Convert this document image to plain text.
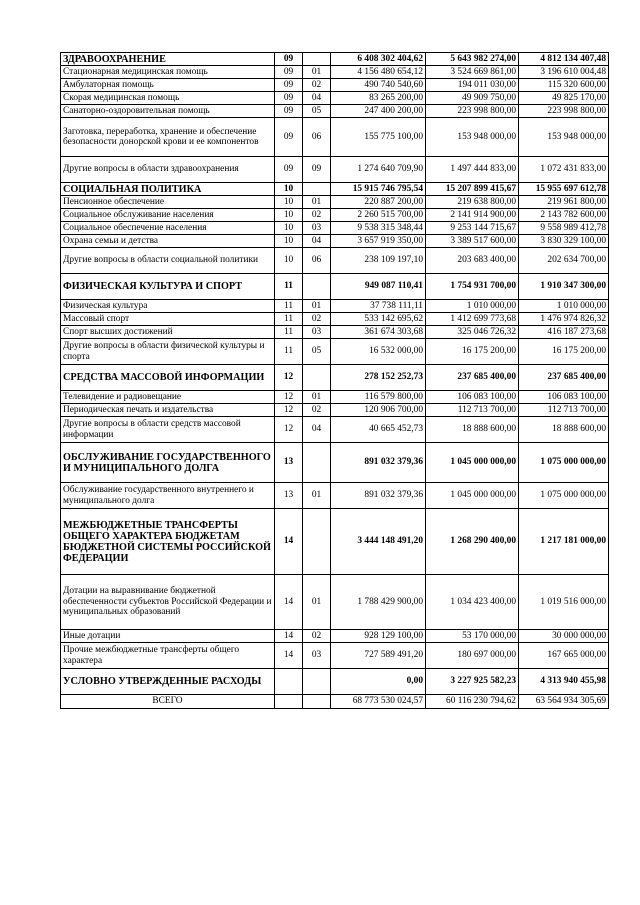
ЗДРАВООХРАНЕНИЕ	09		6 408 302 404,62	5 643 982 274,00	4 812 134 407,48
Стационарная медицинская помощь	09	01	4 156 480 654,12	3 524 669 861,00	3 196 610 004,48
Амбулаторная помощь	09	02	490 740 540,60	194 011 030,00	115 320 600,00
Скорая медицинская помощь	09	04	83 265 200,00	49 909 750,00	49 825 170,00
Санаторно-оздоровительная помощь	09	05	247 400 200,00	223 998 800,00	223 998 800,00
Заготовка, переработка, хранение и обеспечение безопасности донорской крови и ее компонентов	09	06	155 775 100,00	153 948 000,00	153 948 000,00
Другие вопросы в области здравоохранения	09	09	1 274 640 709,90	1 497 444 833,00	1 072 431 833,00
СОЦИАЛЬНАЯ ПОЛИТИКА	10		15 915 746 795,54	15 207 899 415,67	15 955 697 612,78
Пенсионное обеспечение	10	01	220 887 200,00	219 638 800,00	219 961 800,00
Социальное обслуживание населения	10	02	2 260 515 700,00	2 141 914 900,00	2 143 782 600,00
Социальное обеспечение населения	10	03	9 538 315 348,44	9 253 144 715,67	9 558 989 412,78
Охрана семьи и детства	10	04	3 657 919 350,00	3 389 517 600,00	3 830 329 100,00
Другие вопросы в области социальной политики	10	06	238 109 197,10	203 683 400,00	202 634 700,00
ФИЗИЧЕСКАЯ КУЛЬТУРА И СПОРТ	11		949 087 110,41	1 754 931 700,00	1 910 347 300,00
Физическая культура	11	01	37 738 111,11	1 010 000,00	1 010 000,00
Массовый спорт	11	02	533 142 695,62	1 412 699 773,68	1 476 974 826,32
Спорт высших достижений	11	03	361 674 303,68	325 046 726,32	416 187 273,68
Другие вопросы в области физической культуры и спорта	11	05	16 532 000,00	16 175 200,00	16 175 200,00
СРЕДСТВА МАССОВОЙ ИНФОРМАЦИИ	12		278 152 252,73	237 685 400,00	237 685 400,00
Телевидение и радиовещание	12	01	116 579 800,00	106 083 100,00	106 083 100,00
Периодическая печать и издательства	12	02	120 906 700,00	112 713 700,00	112 713 700,00
Другие вопросы в области средств массовой информации	12	04	40 665 452,73	18 888 600,00	18 888 600,00
ОБСЛУЖИВАНИЕ ГОСУДАРСТВЕННОГО И МУНИЦИПАЛЬНОГО ДОЛГА	13		891 032 379,36	1 045 000 000,00	1 075 000 000,00
Обслуживание государственного внутреннего и муниципального долга	13	01	891 032 379,36	1 045 000 000,00	1 075 000 000,00
МЕЖБЮДЖЕТНЫЕ ТРАНСФЕРТЫ ОБЩЕГО ХАРАКТЕРА БЮДЖЕТАМ БЮДЖЕТНОЙ СИСТЕМЫ РОССИЙСКОЙ ФЕДЕРАЦИИ	14		3 444 148 491,20	1 268 290 400,00	1 217 181 000,00
Дотации на выравнивание бюджетной обеспеченности субъектов Российской Федерации и муниципальных образований	14	01	1 788 429 900,00	1 034 423 400,00	1 019 516 000,00
Иные дотации	14	02	928 129 100,00	53 170 000,00	30 000 000,00
Прочие межбюджетные трансферты общего характера	14	03	727 589 491,20	180 697 000,00	167 665 000,00
УСЛОВНО УТВЕРЖДЕННЫЕ РАСХОДЫ			0,00	3 227 925 582,23	4 313 940 455,98
ВСЕГО			68 773 530 024,57	60 116 230 794,62	63 564 934 305,69
